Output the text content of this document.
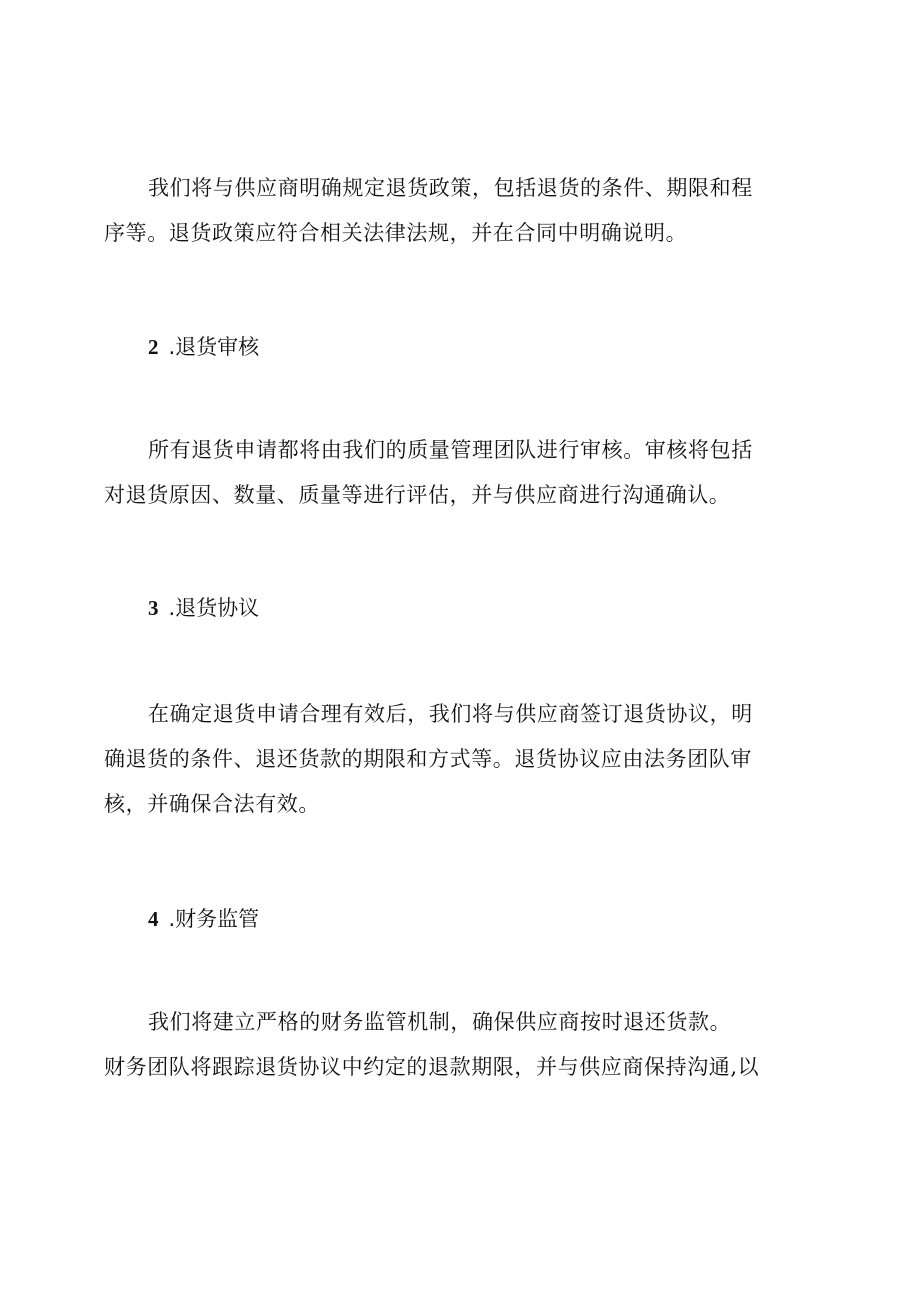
我们将与供应商明确规定退货政策，包括退货的条件、期限和程
序等。退货政策应符合相关法律法规，并在合同中明确说明。

2 .退货审核

所有退货申请都将由我们的质量管理团队进行审核。审核将包括
对退货原因、数量、质量等进行评估，并与供应商进行沟通确认。

3 .退货协议

在确定退货申请合理有效后，我们将与供应商签订退货协议，明
确退货的条件、退还货款的期限和方式等。退货协议应由法务团队审
核，并确保合法有效。

4 .财务监管

我们将建立严格的财务监管机制，确保供应商按时退还货款。
财务团队将跟踪退货协议中约定的退款期限，并与供应商保持沟通,以
